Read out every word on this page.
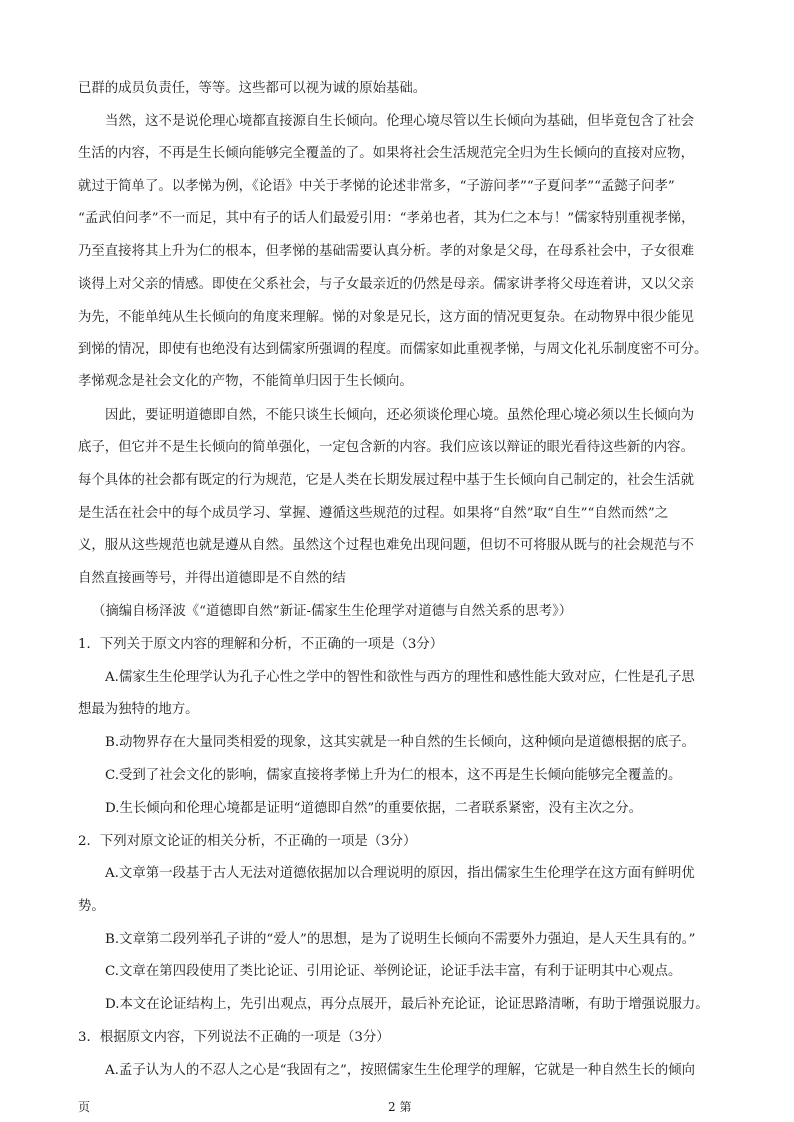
已群的成员负责任，等等。这些都可以视为诚的原始基础。
当然，这不是说伦理心境都直接源自生长倾向。伦理心境尽管以生长倾向为基础，但毕竟包含了社会
生活的内容，不再是生长倾向能够完全覆盖的了。如果将社会生活规范完全归为生长倾向的直接对应物，
就过于简单了。以孝悌为例，《论语》中关于孝悌的论述非常多，“子游问孝”“子夏问孝”“孟懿子问孝”
“孟武伯问孝”不一而足，其中有子的话人们最爱引用：“孝弟也者，其为仁之本与！”儒家特别重视孝悌，
乃至直接将其上升为仁的根本，但孝悌的基础需要认真分析。孝的对象是父母，在母系社会中，子女很难
谈得上对父亲的情感。即使在父系社会，与子女最亲近的仍然是母亲。儒家讲孝将父母连着讲，又以父亲
为先，不能单纯从生长倾向的角度来理解。悌的对象是兄长，这方面的情况更复杂。在动物界中很少能见
到悌的情况，即使有也绝没有达到儒家所强调的程度。而儒家如此重视孝悌，与周文化礼乐制度密不可分。
孝悌观念是社会文化的产物，不能简单归因于生长倾向。
因此，要证明道德即自然，不能只谈生长倾向，还必须谈伦理心境。虽然伦理心境必须以生长倾向为
底子，但它并不是生长倾向的简单强化，一定包含新的内容。我们应该以辩证的眼光看待这些新的内容。
每个具体的社会都有既定的行为规范，它是人类在长期发展过程中基于生长倾向自己制定的，社会生活就
是生活在社会中的每个成员学习、掌握、遵循这些规范的过程。如果将“自然”取“自生”“自然而然”之
义，服从这些规范也就是遵从自然。虽然这个过程也难免出现问题，但切不可将服从既与的社会规范与不
自然直接画等号，并得出道德即是不自然的结
（摘编自杨泽波《“道德即自然”新证-儒家生生伦理学对道德与自然关系的思考》）
1．下列关于原文内容的理解和分析，不正确的一项是（3分）
A.儒家生生伦理学认为孔子心性之学中的智性和欲性与西方的理性和感性能大致对应，仁性是孔子思
想最为独特的地方。
B.动物界存在大量同类相爱的现象，这其实就是一种自然的生长倾向，这种倾向是道德根据的底子。
C.受到了社会文化的影响，儒家直接将孝悌上升为仁的根本，这不再是生长倾向能够完全覆盖的。
D.生长倾向和伦理心境都是证明“道德即自然”的重要依据，二者联系紧密，没有主次之分。
2．下列对原文论证的相关分析，不正确的一项是（3分）
A.文章第一段基于古人无法对道德依据加以合理说明的原因，指出儒家生生伦理学在这方面有鲜明优
势。
B.文章第二段列举孔子讲的“爱人”的思想，是为了说明生长倾向不需要外力强迫，是人天生具有的。”
C.文章在第四段使用了类比论证、引用论证、举例论证，论证手法丰富，有利于证明其中心观点。
D.本文在论证结构上，先引出观点，再分点展开，最后补充论证，论证思路清晰，有助于增强说服力。
3．根据原文内容，下列说法不正确的一项是（3分）
A.孟子认为人的不忍人之心是“我固有之”，按照儒家生生伦理学的理解，它就是一种自然生长的倾向
页	2 第
